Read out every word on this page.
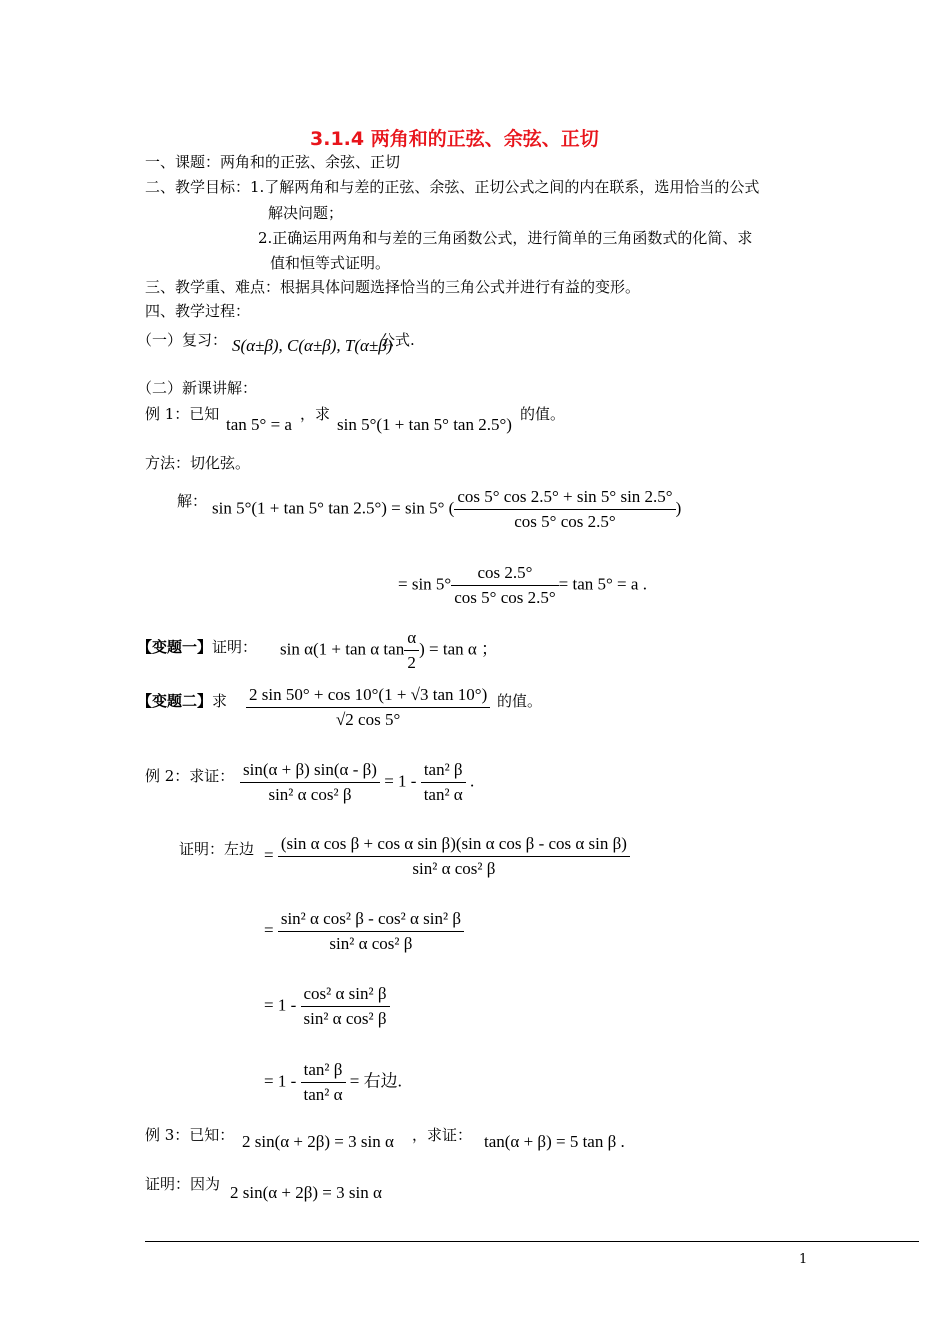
3.1.4 两角和的正弦、余弦、正切
一、课题：两角和的正弦、余弦、正切
二、教学目标：1.了解两角和与差的正弦、余弦、正切公式之间的内在联系，选用恰当的公式
解决问题；
2.正确运用两角和与差的三角函数公式，进行简单的三角函数式的化简、求
值和恒等式证明。
三、教学重、难点：根据具体问题选择恰当的三角公式并进行有益的变形。
四、教学过程：
（一）复习： S(α±β), C(α±β), T(α±β)
公式.
（二）新课讲解：
例 1：已知
tan 5° = a
，求
sin 5°(1 + tan 5° tan 2.5°)
的值。
方法：切化弦。
解： sin 5°(1 + tan 5° tan 2.5°) = sin 5° ( $\frac{\cos 5^\circ \cos 2.5^\circ + \sin 5^\circ \sin 2.5^\circ}{\cos 5^\circ \cos 2.5^\circ}$ )
= $\sin 5^\circ \frac{\cos 2.5^\circ}{\cos 5^\circ \cos 2.5^\circ} = \tan 5^\circ = a$ .
【变题一】证明： sin α(1 + tan α $\tan \frac{\alpha}{2}$ ) = tan α ；
【变题二】求 $\frac{2 \sin 50^\circ + \cos 10^\circ(1 + √3 \tan 10^\circ)}{√2 \cos 5^\circ}$ 的值。
例 2：求证： $\frac{\sin(\alpha + \beta) \sin(\alpha - \beta)}{\text{sin² α cos² β}} = 1 - \frac{\text{tan² β}}{\text{tan² α}}$ .
证明：左边 = $\frac{\text{(sin α cos β + cos α sin β)(sin α cos β - cos α sin β)}}{\text{sin² α cos² β}}$
= $\frac{\text{sin² α cos² β - cos² α sin² β}}{\text{sin² α cos² β}}$
= $1 - \frac{\text{cos² α sin² β}}{\text{sin² α cos² β}}$
= $1 - \frac{\text{tan² β}}{\text{tan² α}}$ = 右边.
例 3：已知： 2 sin(α + 2β) = 3 sin α ，求证： tan(α + β) = 5 tan β .
证明：因为 2 sin(α + 2β) = 3 sin α
1
